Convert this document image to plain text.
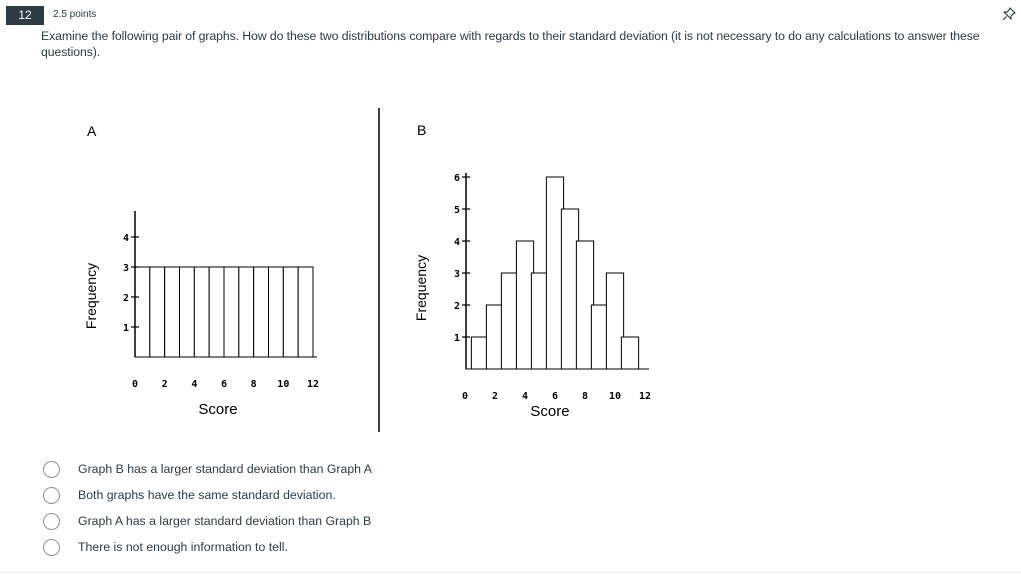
12	2.5 points
Examine the following pair of graphs. How do these two distributions compare with regards to their standard deviation (it is not necessary to do any calculations to answer these questions).
A
Frequency
Score
1
2
3
4
0 2 4 6 8 10 12
B
Frequency
Score
1
2
3
4
5
6
0 2 4 6 8 10 12
Graph B has a larger standard deviation than Graph A
Both graphs have the same standard deviation.
Graph A has a larger standard deviation than Graph B
There is not enough information to tell.
